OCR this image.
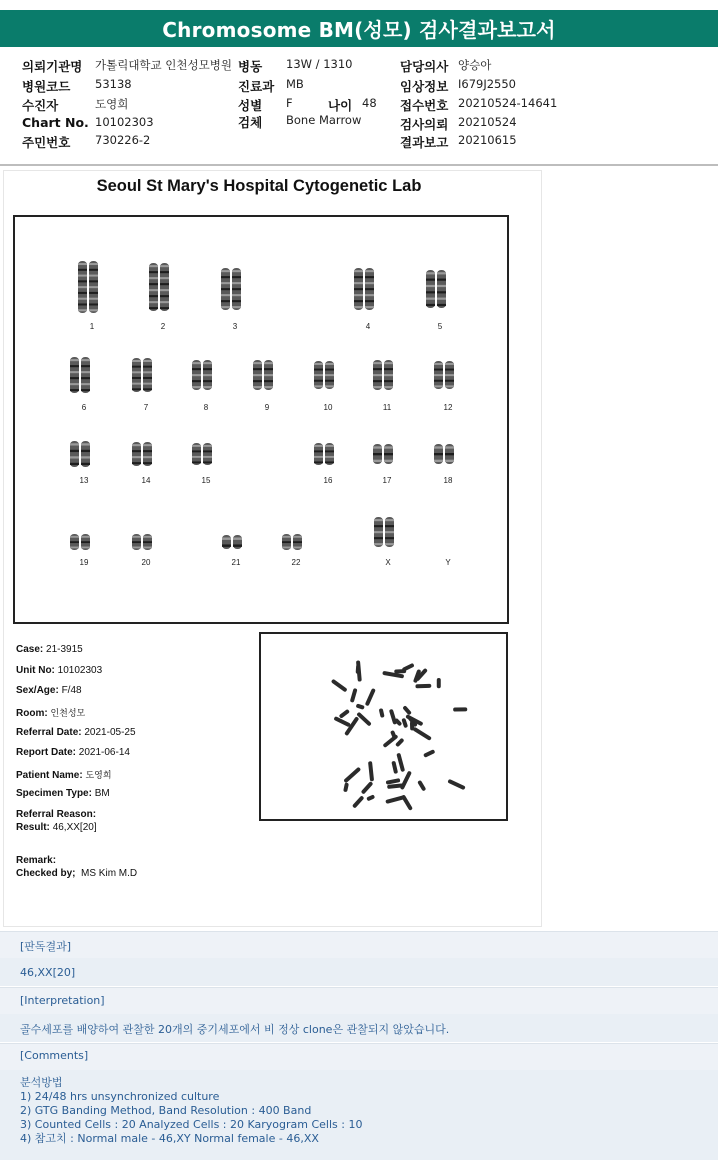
Chromosome BM(성모) 검사결과보고서
의뢰기관명 가톨릭대학교 인천성모병원 병동 13W / 1310	담당의사 양승아
병원코드 53138	진료과 MB	임상정보 I679J2550
수진자	도영희	성별 F	나이 48 접수번호 20210524-14641
Chart No. 10102303	검체 Bone Marrow	검사의뢰 20210524
주민번호 730226-2	결과보고 20210615
Seoul St Mary's Hospital Cytogenetic Lab
1	2	3	4	5
6	7	8	9	10	11	12
13	14	15	16	17	18
19	20	21	22	X	Y
Case: 21-3915
Unit No: 10102303
Sex/Age: F/48
Room: 인천성모
Referral Date: 2021-05-25
Report Date: 2021-06-14
Patient Name: 도영희
Specimen Type: BM
Referral Reason:
Result: 46,XX[20]
Remark:
Checked by; MS Kim M.D
[판독결과]
46,XX[20]
[Interpretation]
골수세포를 배양하여 관찰한 20개의 중기세포에서 비 정상 clone은 관찰되지 않았습니다.
[Comments]
분석방법
1) 24/48 hrs unsynchronized culture
2) GTG Banding Method, Band Resolution : 400 Band
3) Counted Cells : 20 Analyzed Cells : 20 Karyogram Cells : 10
4) 참고치 : Normal male - 46,XY Normal female - 46,XX
